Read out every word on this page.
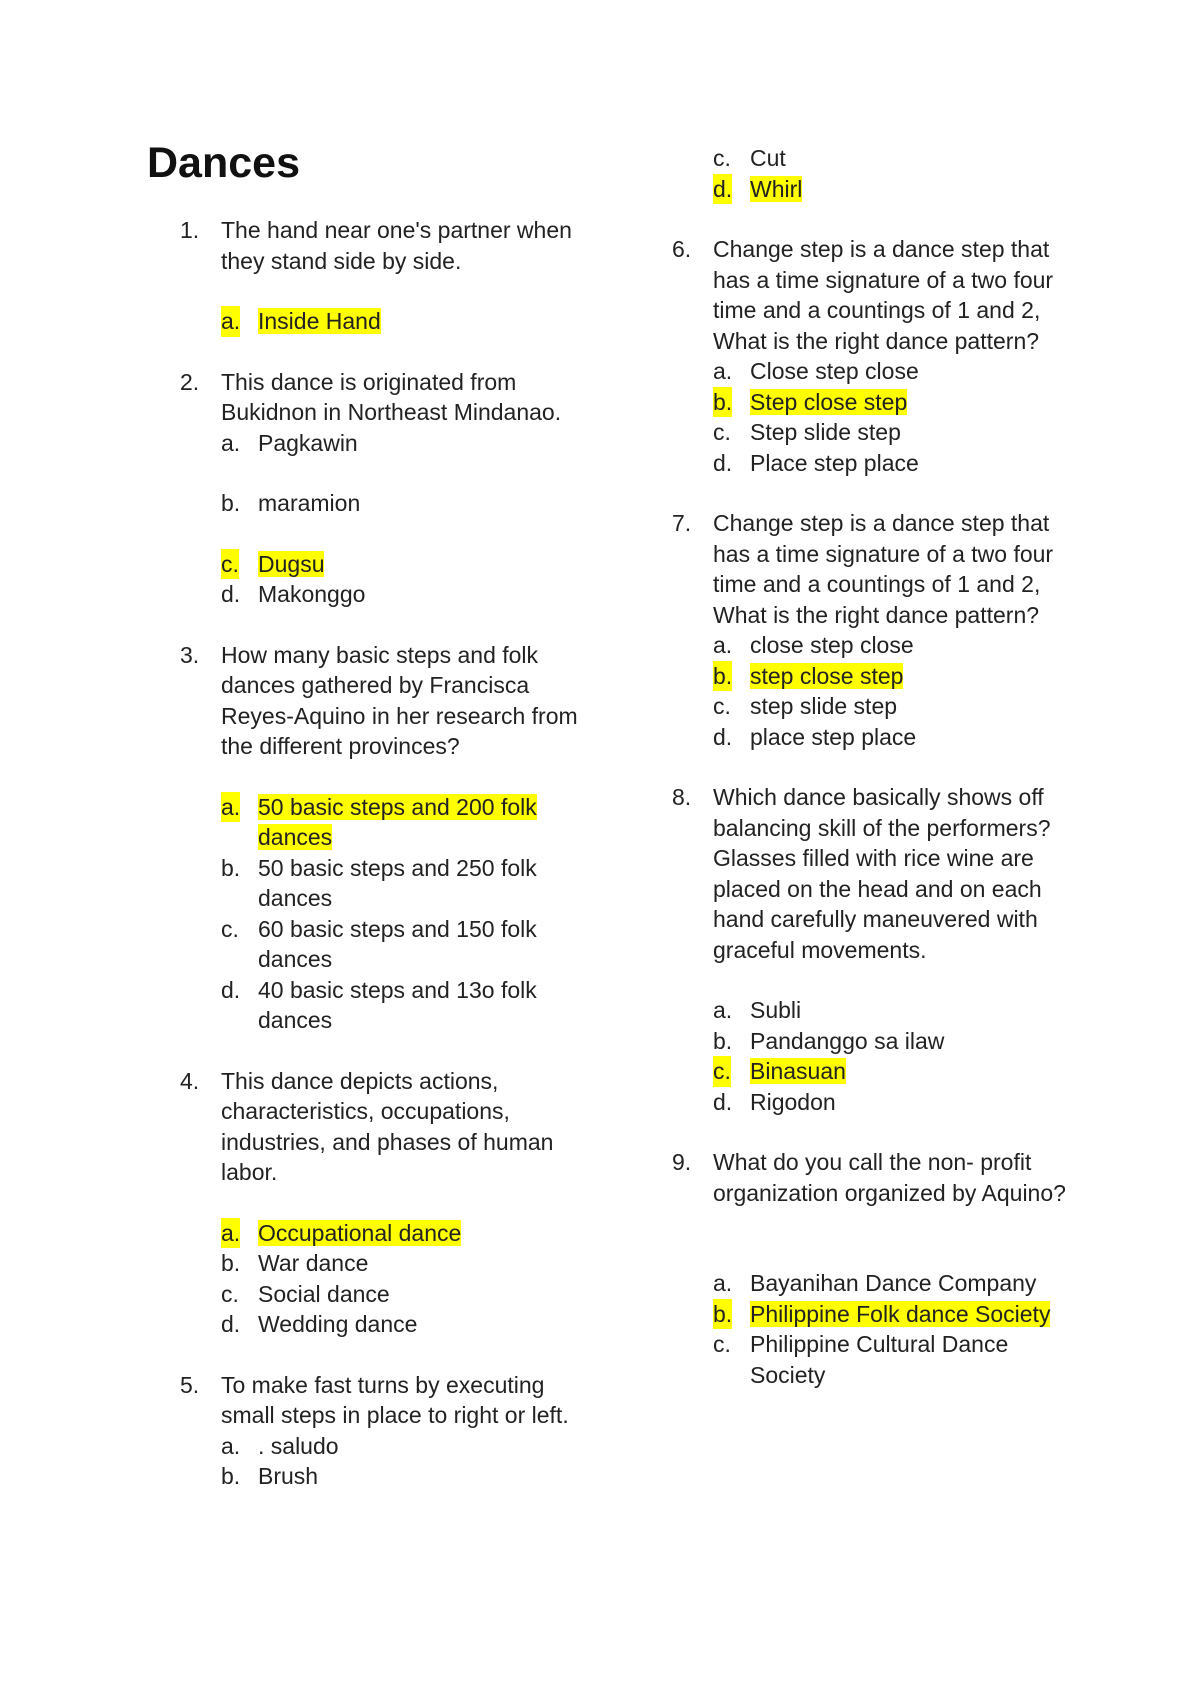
Dances
1. The hand near one's partner when they stand side by side.
a. Inside Hand
2. This dance is originated from Bukidnon in Northeast Mindanao.
a. Pagkawin
b. maramion
c. Dugsu
d. Makonggo
3. How many basic steps and folk dances gathered by Francisca Reyes-Aquino in her research from the different provinces?
a. 50 basic steps and 200 folk dances
b. 50 basic steps and 250 folk dances
c. 60 basic steps and 150 folk dances
d. 40 basic steps and 13o folk dances
4. This dance depicts actions, characteristics, occupations, industries, and phases of human labor.
a. Occupational dance
b. War dance
c. Social dance
d. Wedding dance
5. To make fast turns by executing small steps in place to right or left.
a. . saludo
b. Brush
c. Cut
d. Whirl
6. Change step is a dance step that has a time signature of a two four time and a countings of 1 and 2, What is the right dance pattern?
a. Close step close
b. Step close step
c. Step slide step
d. Place step place
7. Change step is a dance step that has a time signature of a two four time and a countings of 1 and 2, What is the right dance pattern?
a. close step close
b. step close step
c. step slide step
d. place step place
8. Which dance basically shows off balancing skill of the performers? Glasses filled with rice wine are placed on the head and on each hand carefully maneuvered with graceful movements.
a. Subli
b. Pandanggo sa ilaw
c. Binasuan
d. Rigodon
9. What do you call the non- profit organization organized by Aquino?
a. Bayanihan Dance Company
b. Philippine Folk dance Society
c. Philippine Cultural Dance Society
